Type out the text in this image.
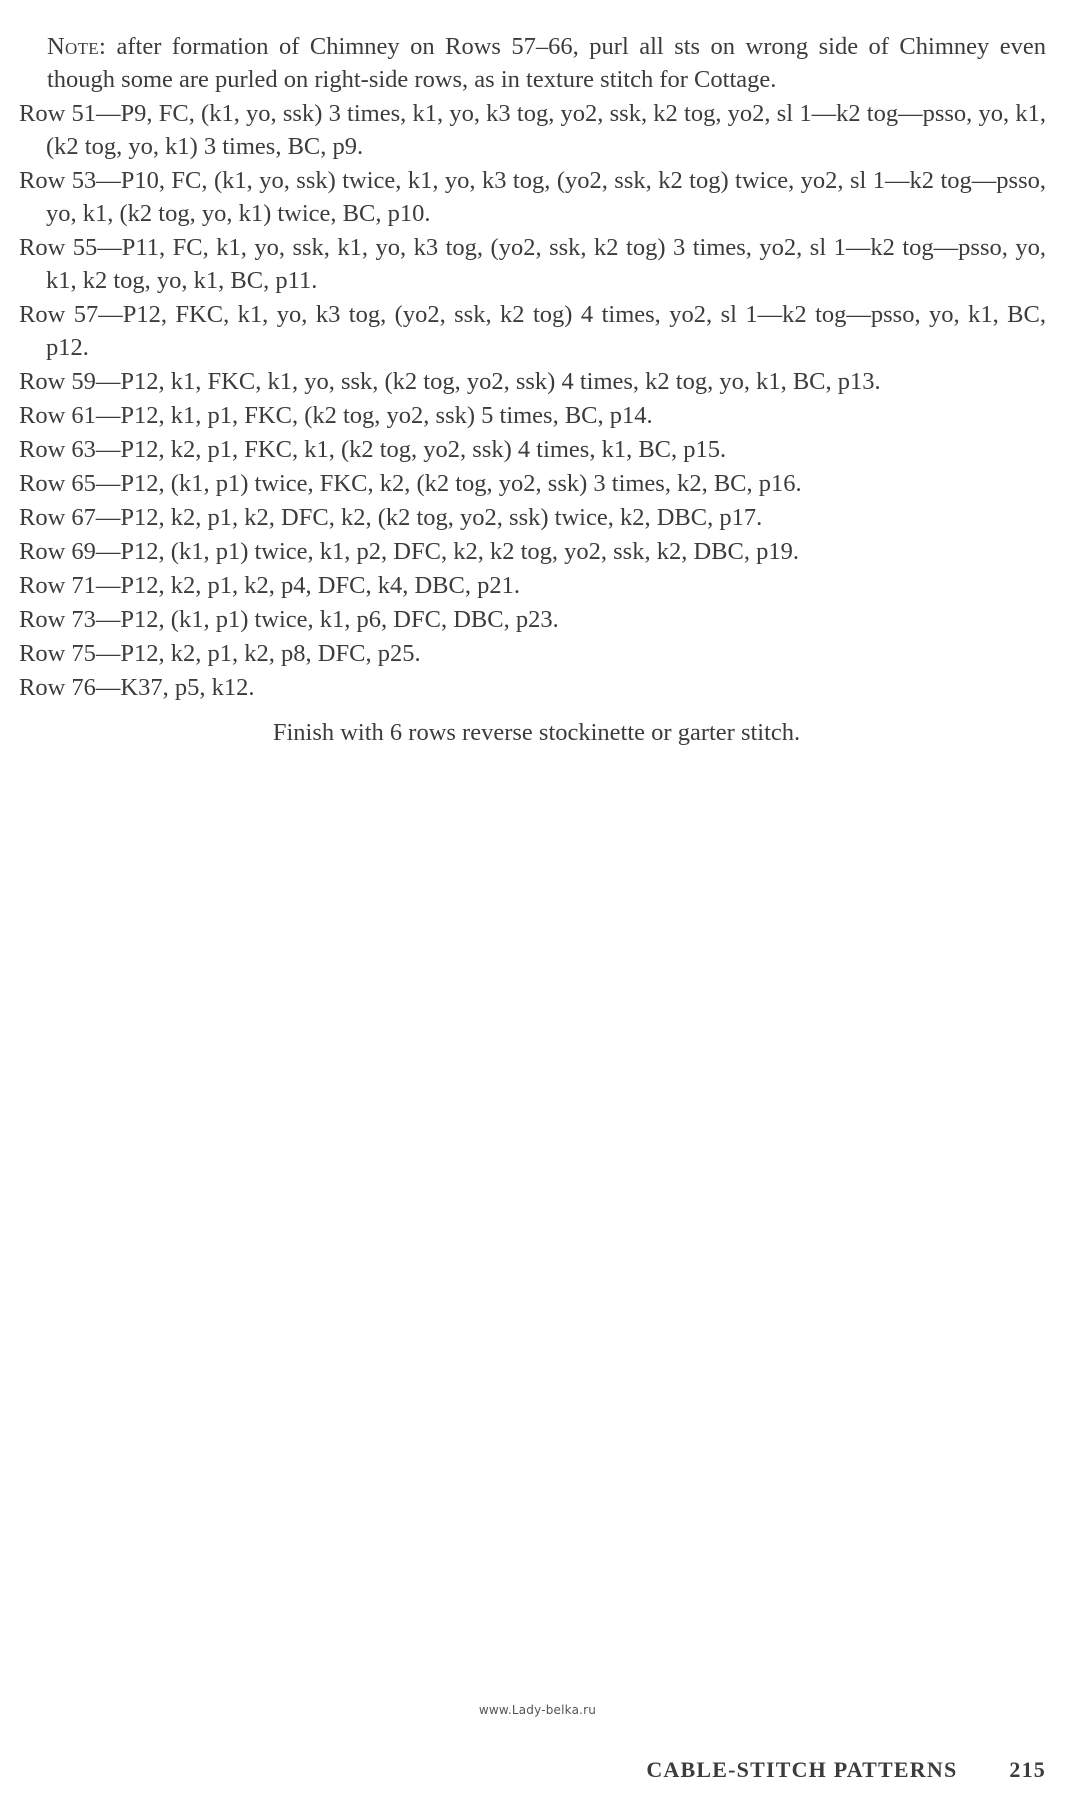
Note: after formation of Chimney on Rows 57–66, purl all sts on wrong side of Chimney even though some are purled on right-side rows, as in texture stitch for Cottage.

Row 51—P9, FC, (k1, yo, ssk) 3 times, k1, yo, k3 tog, yo2, ssk, k2 tog, yo2, sl 1—k2 tog—psso, yo, k1, (k2 tog, yo, k1) 3 times, BC, p9.
Row 53—P10, FC, (k1, yo, ssk) twice, k1, yo, k3 tog, (yo2, ssk, k2 tog) twice, yo2, sl 1—k2 tog—psso, yo, k1, (k2 tog, yo, k1) twice, BC, p10.
Row 55—P11, FC, k1, yo, ssk, k1, yo, k3 tog, (yo2, ssk, k2 tog) 3 times, yo2, sl 1—k2 tog—psso, yo, k1, k2 tog, yo, k1, BC, p11.
Row 57—P12, FKC, k1, yo, k3 tog, (yo2, ssk, k2 tog) 4 times, yo2, sl 1—k2 tog—psso, yo, k1, BC, p12.
Row 59—P12, k1, FKC, k1, yo, ssk, (k2 tog, yo2, ssk) 4 times, k2 tog, yo, k1, BC, p13.
Row 61—P12, k1, p1, FKC, (k2 tog, yo2, ssk) 5 times, BC, p14.
Row 63—P12, k2, p1, FKC, k1, (k2 tog, yo2, ssk) 4 times, k1, BC, p15.
Row 65—P12, (k1, p1) twice, FKC, k2, (k2 tog, yo2, ssk) 3 times, k2, BC, p16.
Row 67—P12, k2, p1, k2, DFC, k2, (k2 tog, yo2, ssk) twice, k2, DBC, p17.
Row 69—P12, (k1, p1) twice, k1, p2, DFC, k2, k2 tog, yo2, ssk, k2, DBC, p19.
Row 71—P12, k2, p1, k2, p4, DFC, k4, DBC, p21.
Row 73—P12, (k1, p1) twice, k1, p6, DFC, DBC, p23.
Row 75—P12, k2, p1, k2, p8, DFC, p25.
Row 76—K37, p5, k12.

Finish with 6 rows reverse stockinette or garter stitch.

www.Lady-belka.ru
CABLE-STITCH PATTERNS 215
